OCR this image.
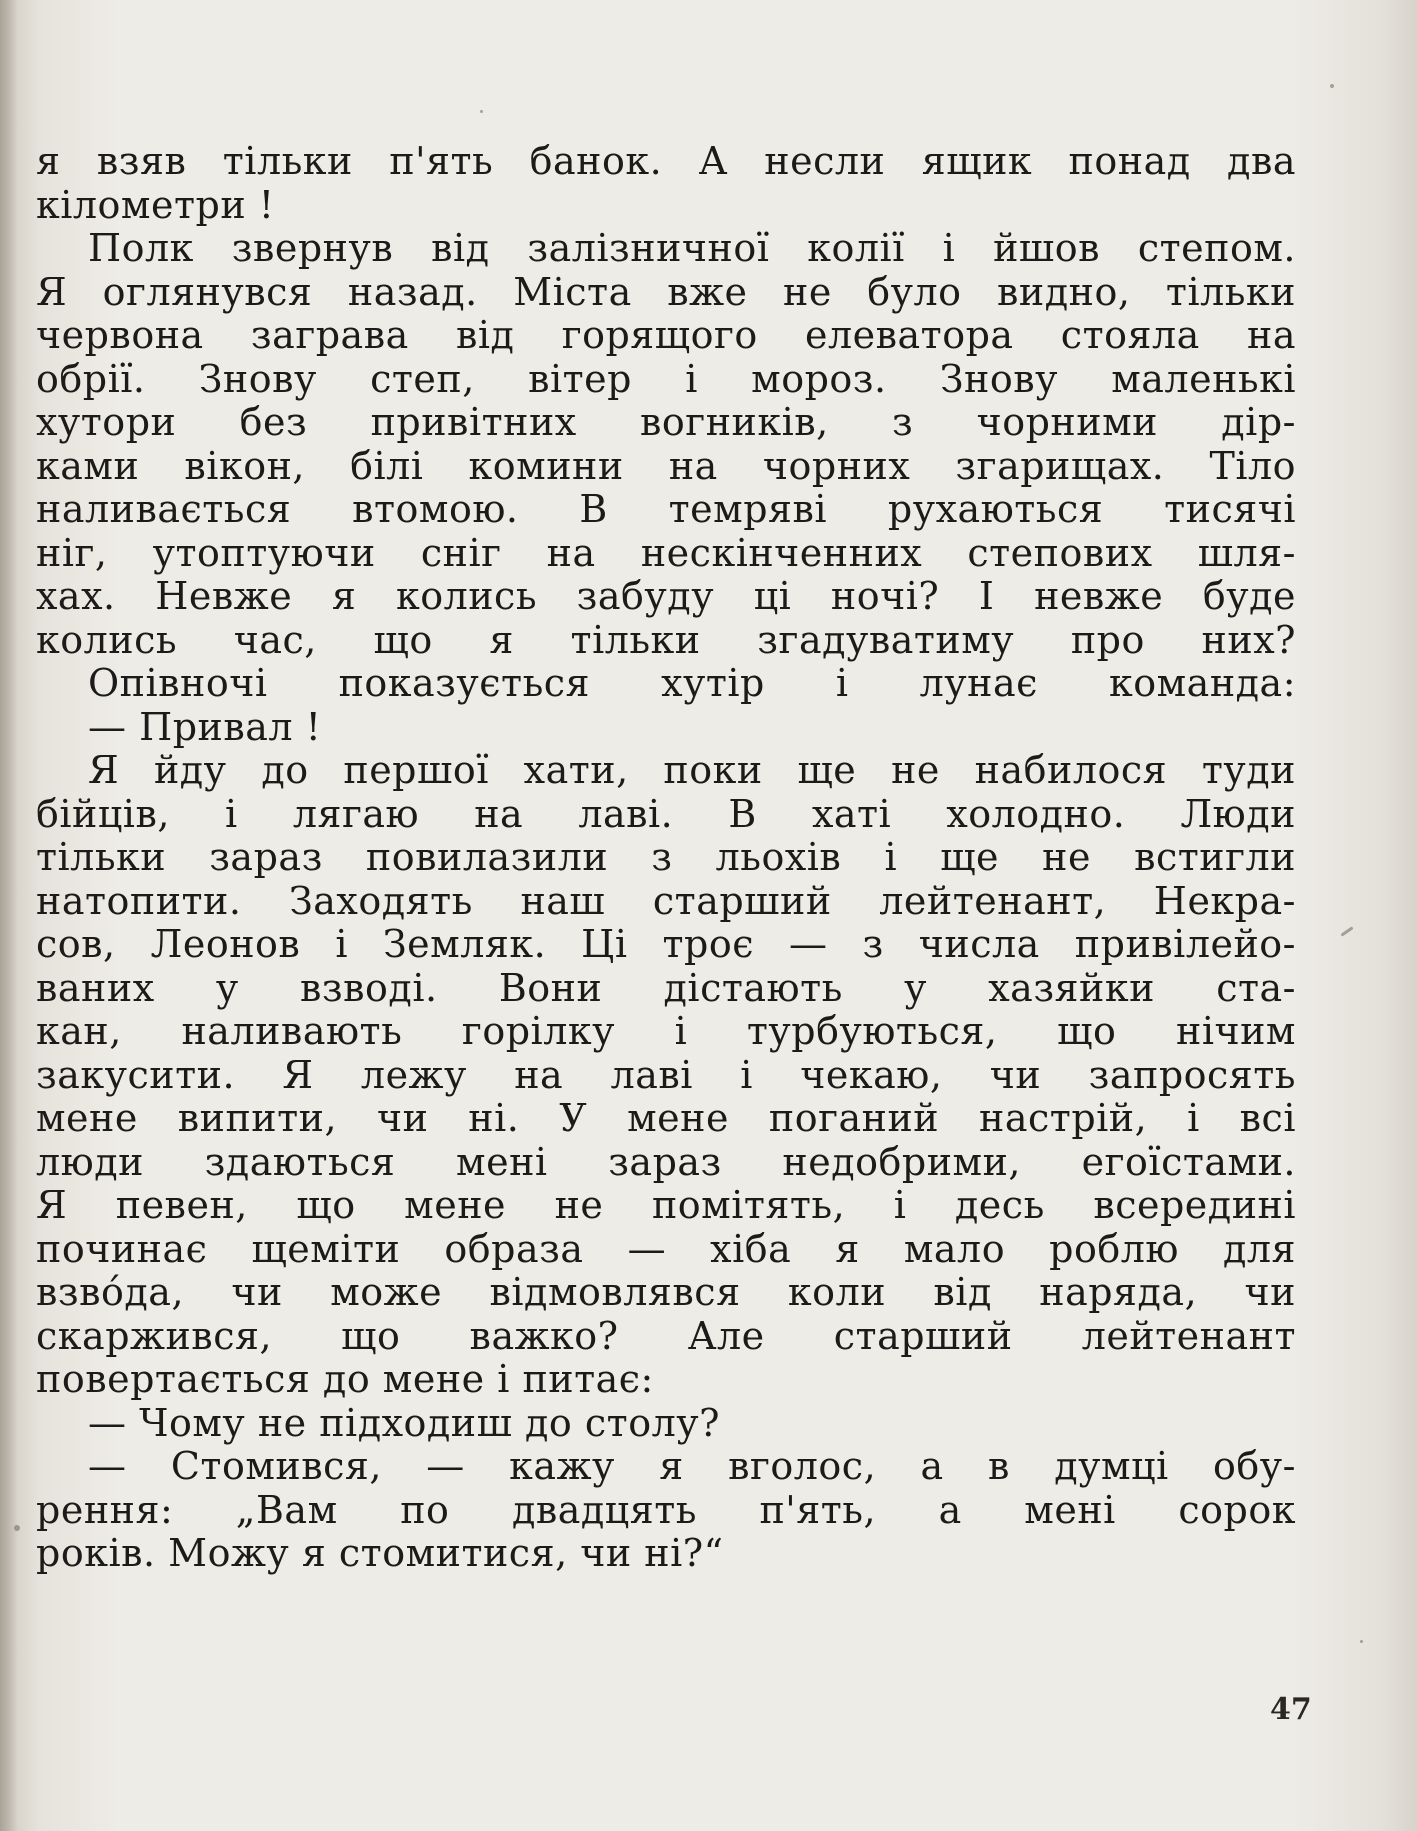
я взяв тільки п'ять банок. А несли ящик понад два
кілометри !
Полк звернув від залізничної колії і йшов степом.
Я оглянувся назад. Міста вже не було видно, тільки
червона заграва від горящого елеватора стояла на
обрії. Знову степ, вітер і мороз. Знову маленькі
хутори без привітних вогників, з чорними дір-
ками вікон, білі комини на чорних згарищах. Тіло
наливається втомою. В темряві рухаються тисячі
ніг, утоптуючи сніг на нескінченних степових шля-
хах. Невже я колись забуду ці ночі? І невже буде
колись час, що я тільки згадуватиму про них?
Опівночі показується хутір і лунає команда:
— Привал !
Я йду до першої хати, поки ще не набилося туди
бійців, і лягаю на лаві. В хаті холодно. Люди
тільки зараз повилазили з льохів і ще не встигли
натопити. Заходять наш старший лейтенант, Некра-
сов, Леонов і Земляк. Ці троє — з числа привілейо-
ваних у взводі. Вони дістають у хазяйки ста-
кан, наливають горілку і турбуються, що нічим
закусити. Я лежу на лаві і чекаю, чи запросять
мене випити, чи ні. У мене поганий настрій, і всі
люди здаються мені зараз недобрими, егоїстами.
Я певен, що мене не помітять, і десь всередині
починає щеміти образа — хіба я мало роблю для
взво́да, чи може відмовлявся коли від наряда, чи
скаржився, що важко? Але старший лейтенант
повертається до мене і питає:
— Чому не підходиш до столу?
— Стомився, — кажу я вголос, а в думці обу-
рення: „Вам по двадцять п'ять, а мені сорок
років. Можу я стомитися, чи ні?“
47
